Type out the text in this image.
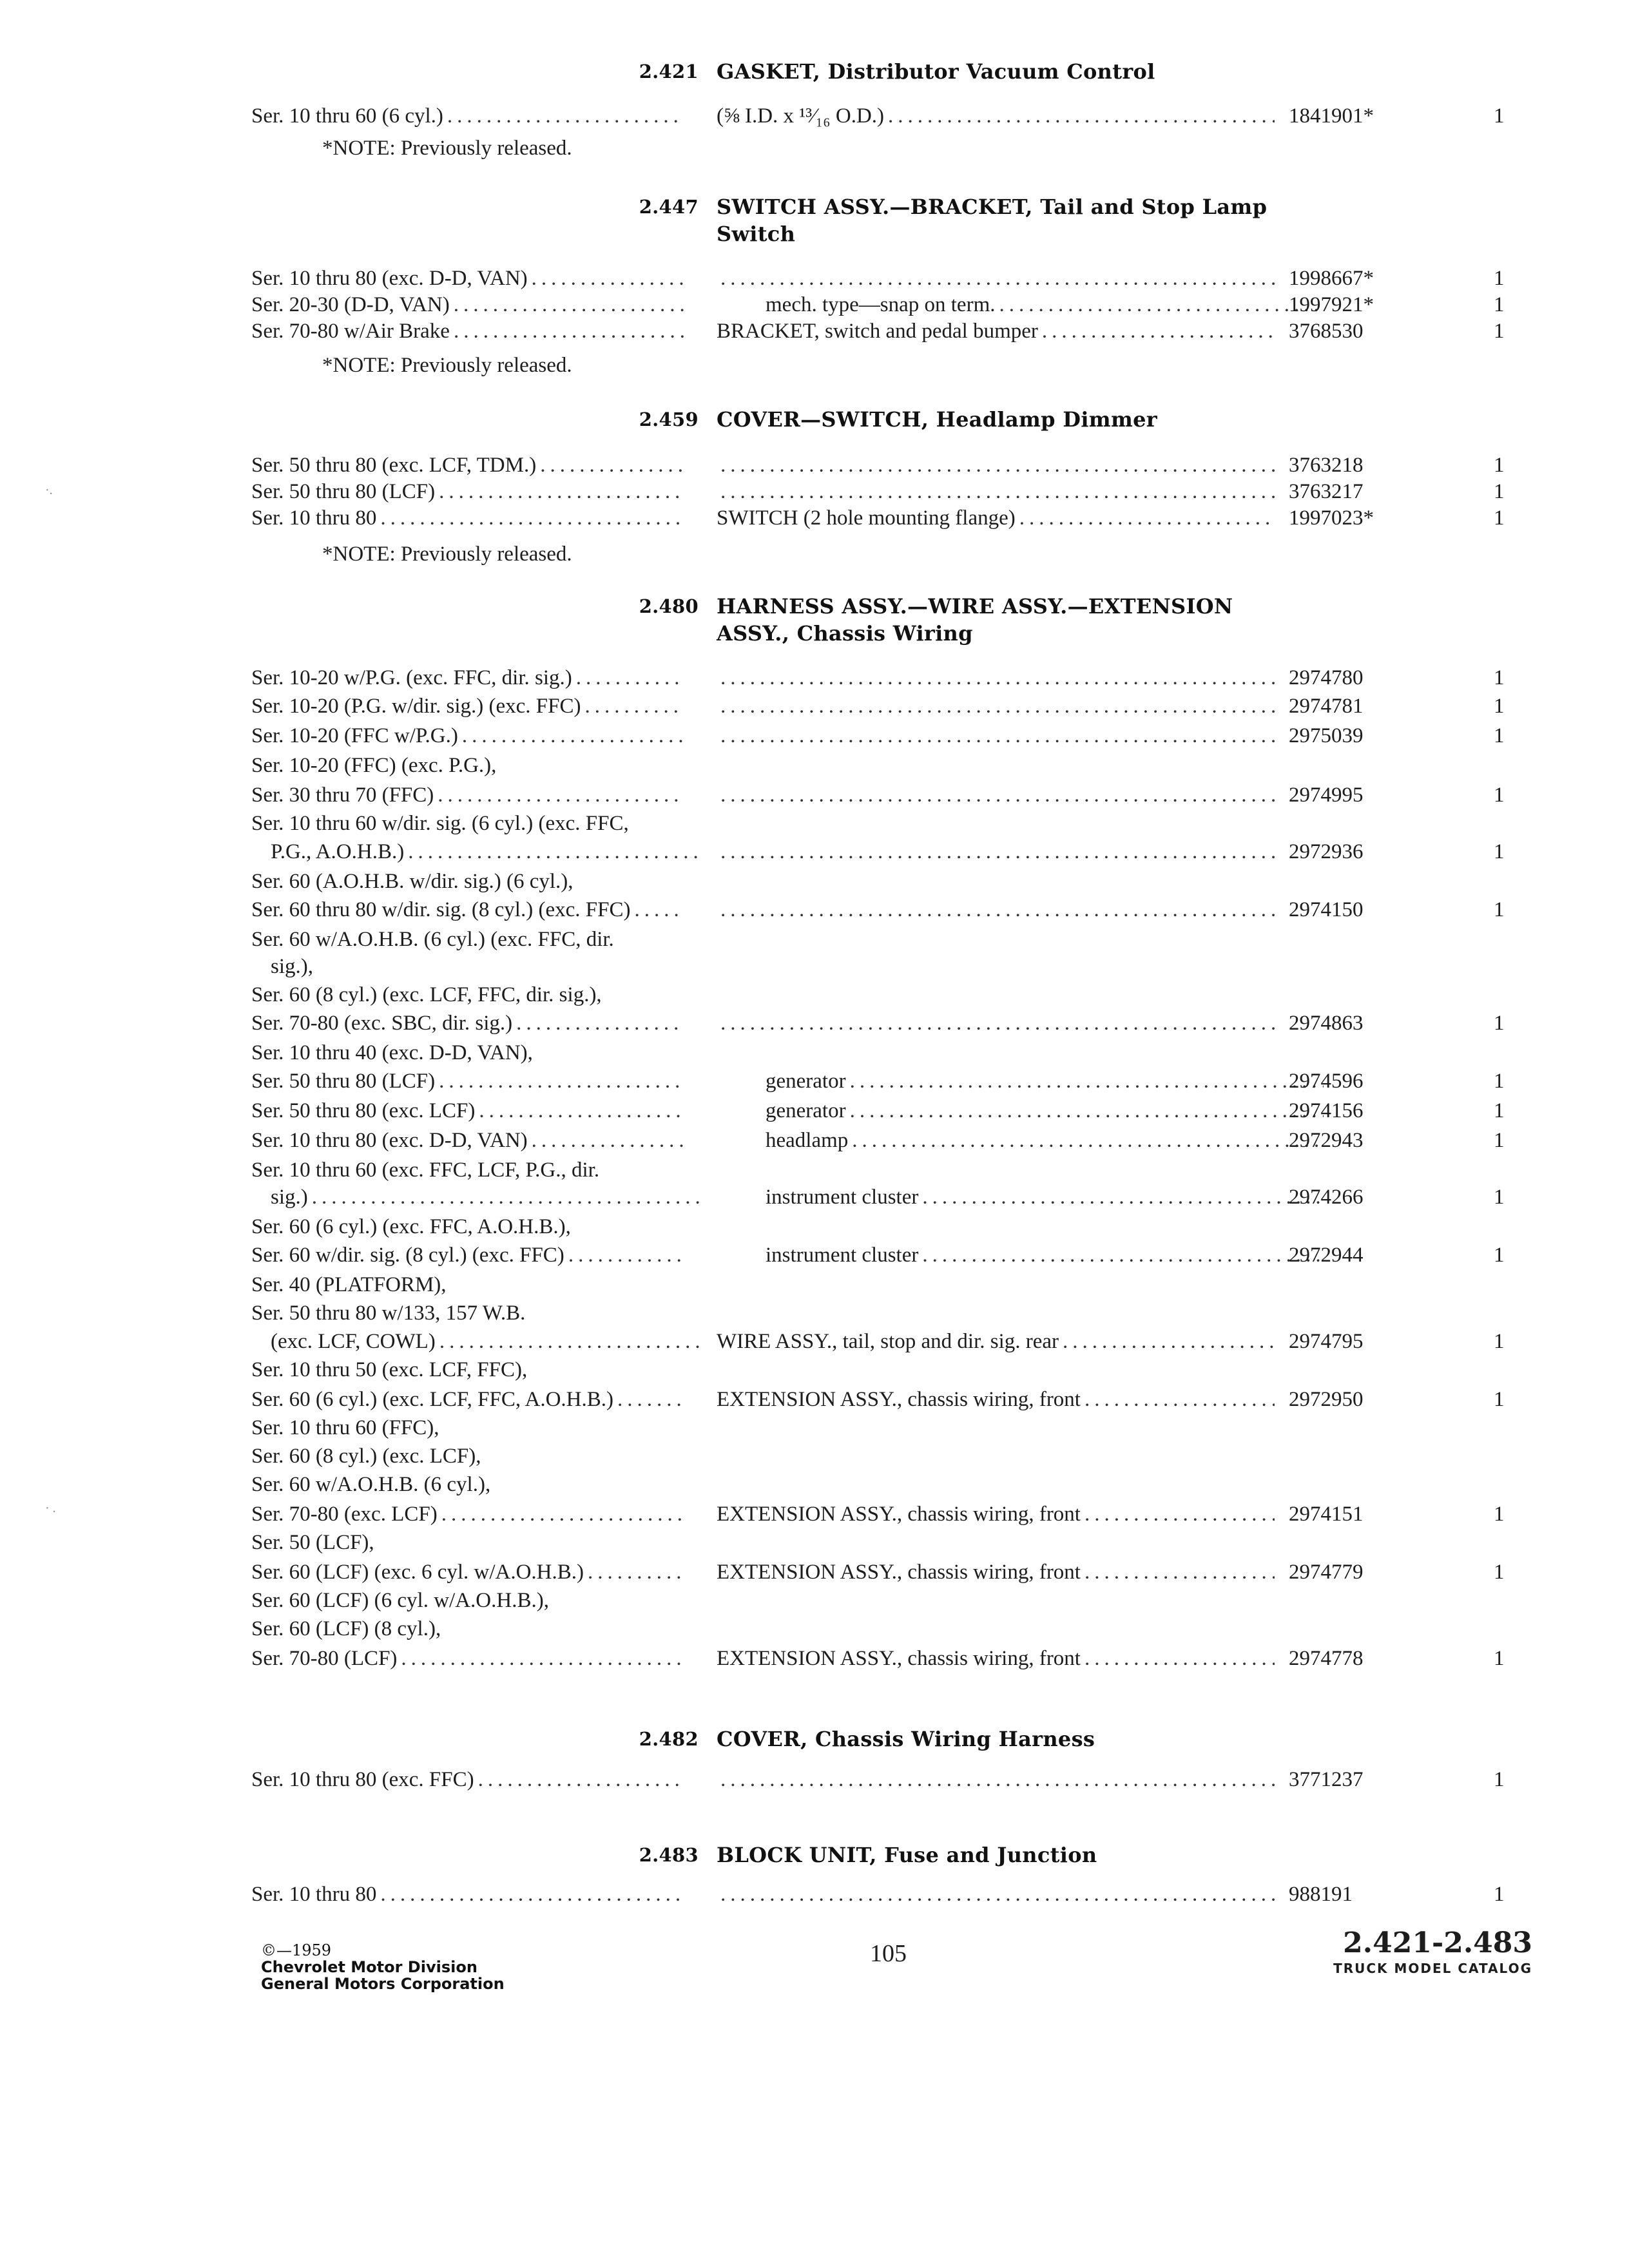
2.421 GASKET, Distributor Vacuum Control
Ser. 10 thru 60 (6 cyl.) .....	(⅝ I.D. x ¹³⁄₁₆ O.D.) .....	1841901*	1
*NOTE: Previously released.
2.447 SWITCH ASSY.—BRACKET, Tail and Stop Lamp Switch
Ser. 10 thru 80 (exc. D-D, VAN) ..... .....	1998667*	1
Ser. 20-30 (D-D, VAN) .....	mech. type—snap on term. .....	1997921*	1
Ser. 70-80 w/Air Brake .....	BRACKET, switch and pedal bumper .....	3768530	1
*NOTE: Previously released.
2.459 COVER—SWITCH, Headlamp Dimmer
Ser. 50 thru 80 (exc. LCF, TDM.) ..... .....	3763218	1
Ser. 50 thru 80 (LCF) ..... .....	3763217	1
Ser. 10 thru 80 .....	SWITCH (2 hole mounting flange) .....	1997023*	1
*NOTE: Previously released.
2.480 HARNESS ASSY.—WIRE ASSY.—EXTENSION ASSY., Chassis Wiring
Ser. 10-20 w/P.G. (exc. FFC, dir. sig.) ..... .....	2974780	1
Ser. 10-20 (P.G. w/dir. sig.) (exc. FFC) ..... .....	2974781	1
Ser. 10-20 (FFC w/P.G.) ..... .....	2975039	1
Ser. 10-20 (FFC) (exc. P.G.),
Ser. 30 thru 70 (FFC) ..... .....	2974995	1
Ser. 10 thru 60 w/dir. sig. (6 cyl.) (exc. FFC,
P.G., A.O.H.B.) ..... .....	2972936	1
Ser. 60 (A.O.H.B. w/dir. sig.) (6 cyl.),
Ser. 60 thru 80 w/dir. sig. (8 cyl.) (exc. FFC) ..... .....	2974150	1
Ser. 60 w/A.O.H.B. (6 cyl.) (exc. FFC, dir.
sig.),
Ser. 60 (8 cyl.) (exc. LCF, FFC, dir. sig.),
Ser. 70-80 (exc. SBC, dir. sig.) ..... .....	2974863	1
Ser. 10 thru 40 (exc. D-D, VAN),
Ser. 50 thru 80 (LCF) .....	generator .....	2974596	1
Ser. 50 thru 80 (exc. LCF) .....	generator .....	2974156	1
Ser. 10 thru 80 (exc. D-D, VAN) .....	headlamp .....	2972943	1
Ser. 10 thru 60 (exc. FFC, LCF, P.G., dir.
sig.) .....	instrument cluster .....	2974266	1
Ser. 60 (6 cyl.) (exc. FFC, A.O.H.B.),
Ser. 60 w/dir. sig. (8 cyl.) (exc. FFC) .....	instrument cluster .....	2972944	1
Ser. 40 (PLATFORM),
Ser. 50 thru 80 w/133, 157 W.B.
(exc. LCF, COWL) .....	WIRE ASSY., tail, stop and dir. sig. rear .....	2974795	1
Ser. 10 thru 50 (exc. LCF, FFC),
Ser. 60 (6 cyl.) (exc. LCF, FFC, A.O.H.B.) .....	EXTENSION ASSY., chassis wiring, front .....	2972950	1
Ser. 10 thru 60 (FFC),
Ser. 60 (8 cyl.) (exc. LCF),
Ser. 60 w/A.O.H.B. (6 cyl.),
Ser. 70-80 (exc. LCF) .....	EXTENSION ASSY., chassis wiring, front .....	2974151	1
Ser. 50 (LCF),
Ser. 60 (LCF) (exc. 6 cyl. w/A.O.H.B.) .....	EXTENSION ASSY., chassis wiring, front .....	2974779	1
Ser. 60 (LCF) (6 cyl. w/A.O.H.B.),
Ser. 60 (LCF) (8 cyl.),
Ser. 70-80 (LCF) .....	EXTENSION ASSY., chassis wiring, front .....	2974778	1
2.482 COVER, Chassis Wiring Harness
Ser. 10 thru 80 (exc. FFC) ..... .....	3771237	1
2.483 BLOCK UNIT, Fuse and Junction
Ser. 10 thru 80 ..... .....	988191	1
·.
· .
©—1959
Chevrolet Motor Division
General Motors Corporation
105	2.421-2.483
TRUCK MODEL CATALOG
